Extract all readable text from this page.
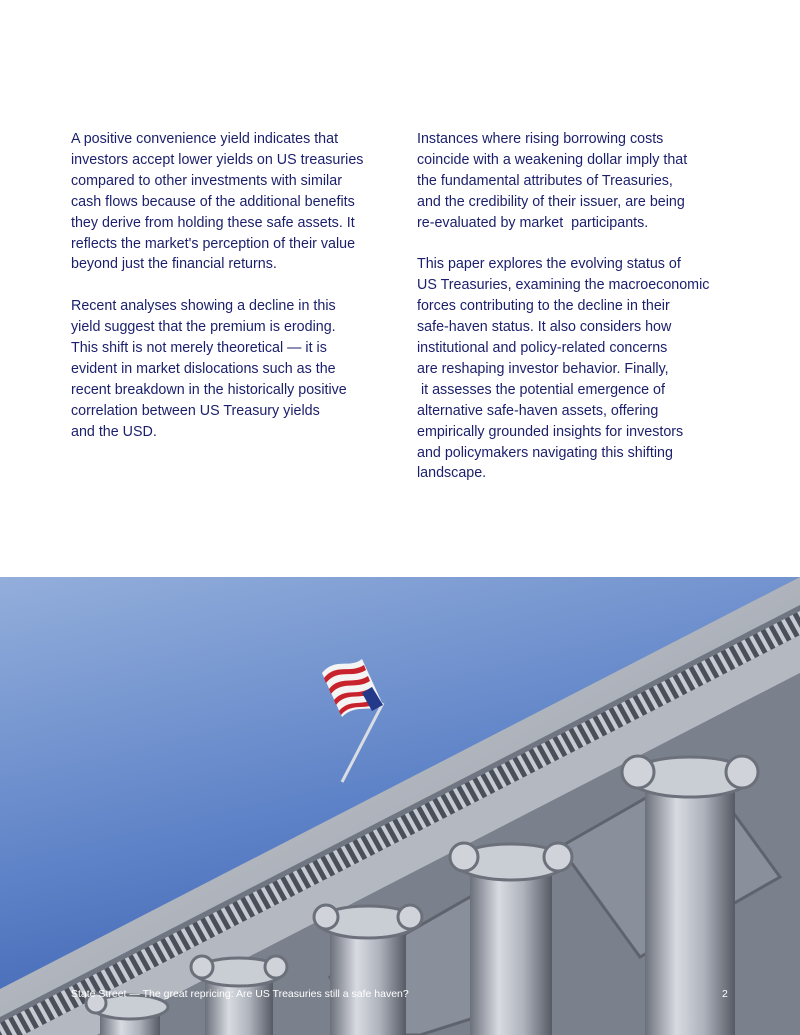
A positive convenience yield indicates that
investors accept lower yields on US treasuries
compared to other investments with similar
cash flows because of the additional benefits
they derive from holding these safe assets. It
reflects the market's perception of their value
beyond just the financial returns.
Recent analyses showing a decline in this
yield suggest that the premium is eroding.
This shift is not merely theoretical — it is
evident in market dislocations such as the
recent breakdown in the historically positive
correlation between US Treasury yields
and the USD.
Instances where rising borrowing costs
coincide with a weakening dollar imply that
the fundamental attributes of Treasuries,
and the credibility of their issuer, are being
re-evaluated by market  participants.
This paper explores the evolving status of
US Treasuries, examining the macroeconomic
forces contributing to the decline in their
safe-haven status. It also considers how
institutional and policy-related concerns
are reshaping investor behavior. Finally,
it assesses the potential emergence of
alternative safe-haven assets, offering
empirically grounded insights for investors
and policymakers navigating this shifting
landscape.
State Street — The great repricing: Are US Treasuries still a safe haven?	2
